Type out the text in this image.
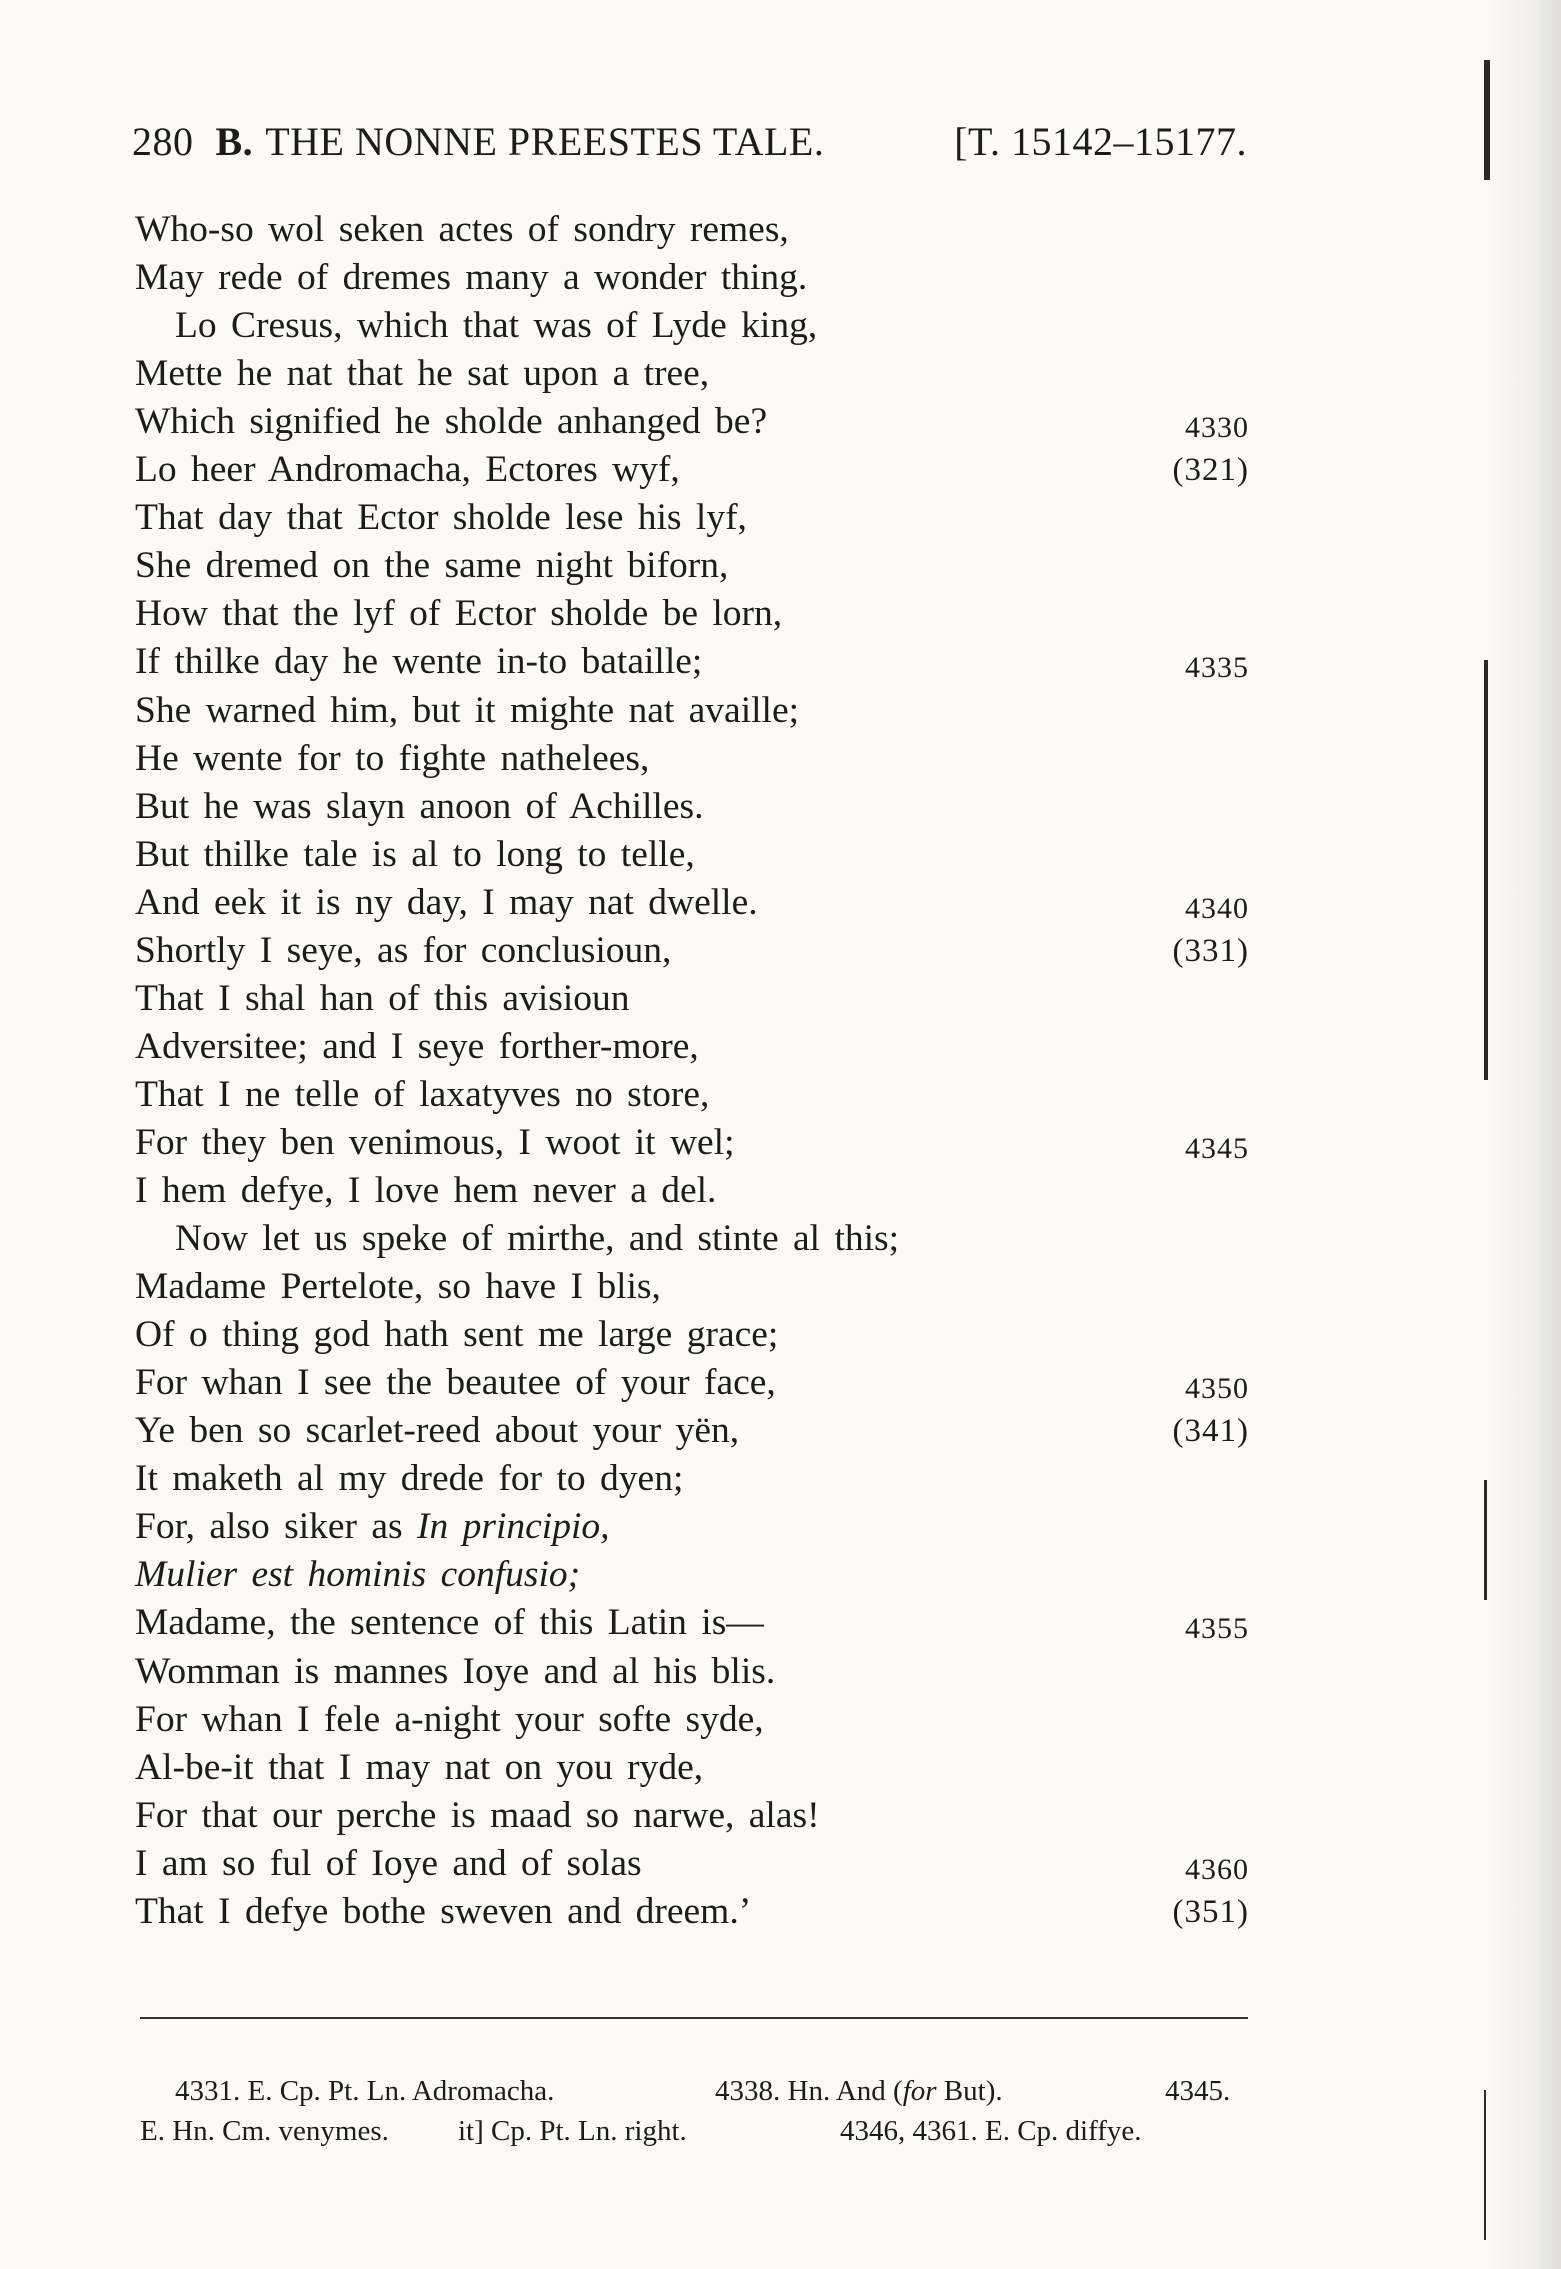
280 B. THE NONNE PREESTES TALE.	[T. 15142–15177.
Who-so wol seken actes of sondry remes,
May rede of dremes many a wonder thing.
Lo Cresus, which that was of Lyde king,
Mette he nat that he sat upon a tree,
Which signified he sholde anhanged be?	4330
Lo heer Andromacha, Ectores wyf,	(321)
That day that Ector sholde lese his lyf,
She dremed on the same night biforn,
How that the lyf of Ector sholde be lorn,
If thilke day he wente in-to bataille;	4335
She warned him, but it mighte nat availle;
He wente for to fighte nathelees,
But he was slayn anoon of Achilles.
But thilke tale is al to long to telle,
And eek it is ny day, I may nat dwelle.	4340
Shortly I seye, as for conclusioun,	(331)
That I shal han of this avisioun
Adversitee; and I seye forther-more,
That I ne telle of laxatyves no store,
For they ben venimous, I woot it wel;	4345
I hem defye, I love hem never a del.
Now let us speke of mirthe, and stinte al this;
Madame Pertelote, so have I blis,
Of o thing god hath sent me large grace;
For whan I see the beautee of your face,	4350
Ye ben so scarlet-reed about your yën,	(341)
It maketh al my drede for to dyen;
For, also siker as In principio,
Mulier est hominis confusio;
Madame, the sentence of this Latin is—	4355
Womman is mannes Ioye and al his blis.
For whan I fele a-night your softe syde,
Al-be-it that I may nat on you ryde,
For that our perche is maad so narwe, alas!
I am so ful of Ioye and of solas	4360
That I defye bothe sweven and dreem.’	(351)
4331. E. Cp. Pt. Ln. Adromacha.	4338. Hn. And (for But).	4345.
E. Hn. Cm. venymes. it] Cp. Pt. Ln. right.	4346, 4361. E. Cp. diffye.
